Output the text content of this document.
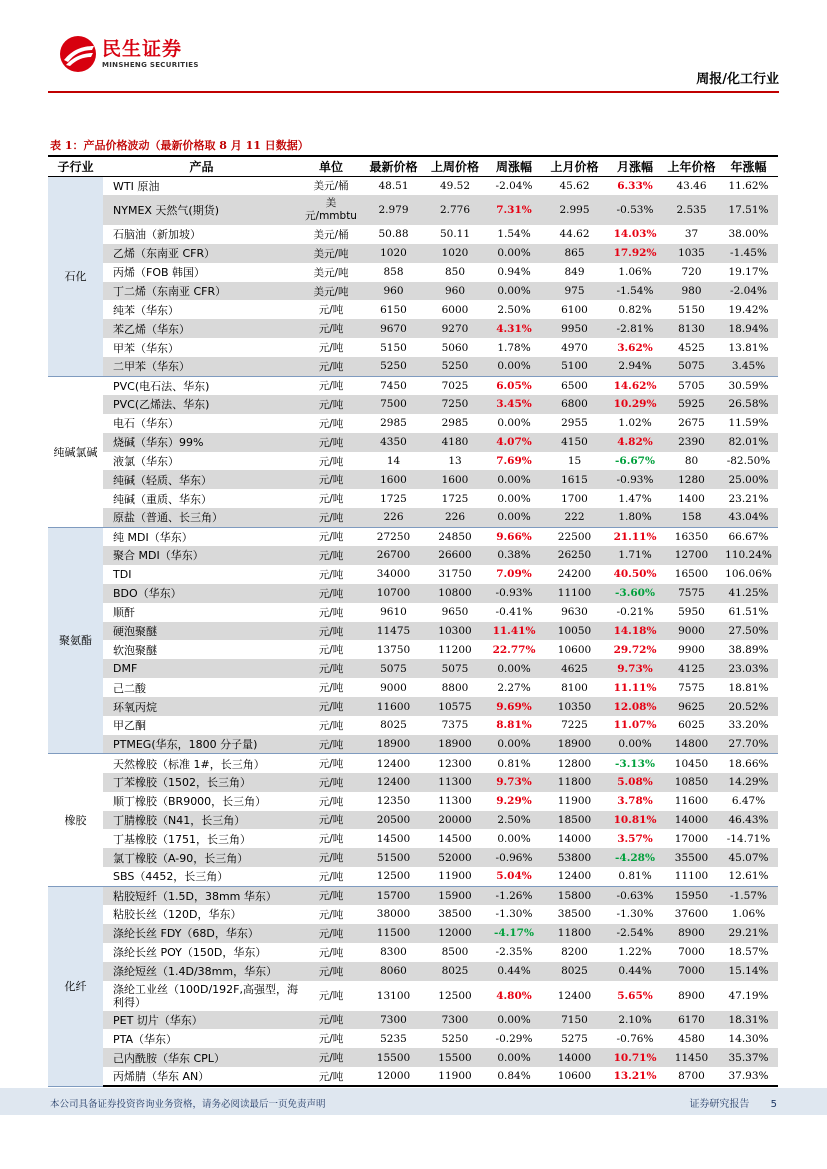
民生证券
MINSHENG SECURITIES
周报/化工行业
表 1：产品价格波动（最新价格取 8 月 11 日数据）
子行业	产品	单位	最新价格	上周价格	周涨幅	上月价格	月涨幅	上年价格	年涨幅
石化	WTI 原油	美元/桶	48.51	49.52	-2.04%	45.62	6.33%	43.46	11.62%
	NYMEX 天然气(期货)	美元/mmbtu	2.979	2.776	7.31%	2.995	-0.53%	2.535	17.51%
	石脑油（新加坡）	美元/桶	50.88	50.11	1.54%	44.62	14.03%	37	38.00%
	乙烯（东南亚 CFR）	美元/吨	1020	1020	0.00%	865	17.92%	1035	-1.45%
	丙烯（FOB 韩国）	美元/吨	858	850	0.94%	849	1.06%	720	19.17%
	丁二烯（东南亚 CFR）	美元/吨	960	960	0.00%	975	-1.54%	980	-2.04%
	纯苯（华东）	元/吨	6150	6000	2.50%	6100	0.82%	5150	19.42%
	苯乙烯（华东）	元/吨	9670	9270	4.31%	9950	-2.81%	8130	18.94%
	甲苯（华东）	元/吨	5150	5060	1.78%	4970	3.62%	4525	13.81%
	二甲苯（华东）	元/吨	5250	5250	0.00%	5100	2.94%	5075	3.45%
纯碱氯碱	PVC(电石法、华东)	元/吨	7450	7025	6.05%	6500	14.62%	5705	30.59%
	PVC(乙烯法、华东)	元/吨	7500	7250	3.45%	6800	10.29%	5925	26.58%
	电石（华东）	元/吨	2985	2985	0.00%	2955	1.02%	2675	11.59%
	烧碱（华东）99%	元/吨	4350	4180	4.07%	4150	4.82%	2390	82.01%
	液氯（华东）	元/吨	14	13	7.69%	15	-6.67%	80	-82.50%
	纯碱（轻质、华东）	元/吨	1600	1600	0.00%	1615	-0.93%	1280	25.00%
	纯碱（重质、华东）	元/吨	1725	1725	0.00%	1700	1.47%	1400	23.21%
	原盐（普通、长三角）	元/吨	226	226	0.00%	222	1.80%	158	43.04%
聚氨酯	纯 MDI（华东）	元/吨	27250	24850	9.66%	22500	21.11%	16350	66.67%
	聚合 MDI（华东）	元/吨	26700	26600	0.38%	26250	1.71%	12700	110.24%
	TDI	元/吨	34000	31750	7.09%	24200	40.50%	16500	106.06%
	BDO（华东）	元/吨	10700	10800	-0.93%	11100	-3.60%	7575	41.25%
	顺酐	元/吨	9610	9650	-0.41%	9630	-0.21%	5950	61.51%
	硬泡聚醚	元/吨	11475	10300	11.41%	10050	14.18%	9000	27.50%
	软泡聚醚	元/吨	13750	11200	22.77%	10600	29.72%	9900	38.89%
	DMF	元/吨	5075	5075	0.00%	4625	9.73%	4125	23.03%
	己二酸	元/吨	9000	8800	2.27%	8100	11.11%	7575	18.81%
	环氧丙烷	元/吨	11600	10575	9.69%	10350	12.08%	9625	20.52%
	甲乙酮	元/吨	8025	7375	8.81%	7225	11.07%	6025	33.20%
	PTMEG(华东，1800 分子量)	元/吨	18900	18900	0.00%	18900	0.00%	14800	27.70%
橡胶	天然橡胶（标准 1#，长三角）	元/吨	12400	12300	0.81%	12800	-3.13%	10450	18.66%
	丁苯橡胶（1502，长三角）	元/吨	12400	11300	9.73%	11800	5.08%	10850	14.29%
	顺丁橡胶（BR9000，长三角）	元/吨	12350	11300	9.29%	11900	3.78%	11600	6.47%
	丁腈橡胶（N41，长三角）	元/吨	20500	20000	2.50%	18500	10.81%	14000	46.43%
	丁基橡胶（1751，长三角）	元/吨	14500	14500	0.00%	14000	3.57%	17000	-14.71%
	氯丁橡胶（A-90，长三角）	元/吨	51500	52000	-0.96%	53800	-4.28%	35500	45.07%
	SBS（4452，长三角）	元/吨	12500	11900	5.04%	12400	0.81%	11100	12.61%
化纤	粘胶短纤（1.5D，38mm 华东）	元/吨	15700	15900	-1.26%	15800	-0.63%	15950	-1.57%
	粘胶长丝（120D，华东）	元/吨	38000	38500	-1.30%	38500	-1.30%	37600	1.06%
	涤纶长丝 FDY（68D，华东）	元/吨	11500	12000	-4.17%	11800	-2.54%	8900	29.21%
	涤纶长丝 POY（150D，华东）	元/吨	8300	8500	-2.35%	8200	1.22%	7000	18.57%
	涤纶短丝（1.4D/38mm，华东）	元/吨	8060	8025	0.44%	8025	0.44%	7000	15.14%
	涤纶工业丝（100D/192F,高强型，海利得）	元/吨	13100	12500	4.80%	12400	5.65%	8900	47.19%
	PET 切片（华东）	元/吨	7300	7300	0.00%	7150	2.10%	6170	18.31%
	PTA（华东）	元/吨	5235	5250	-0.29%	5275	-0.76%	4580	14.30%
	己内酰胺（华东 CPL）	元/吨	15500	15500	0.00%	14000	10.71%	11450	35.37%
	丙烯腈（华东 AN）	元/吨	12000	11900	0.84%	10600	13.21%	8700	37.93%
本公司具备证券投资咨询业务资格，请务必阅读最后一页免责声明	证券研究报告 5
